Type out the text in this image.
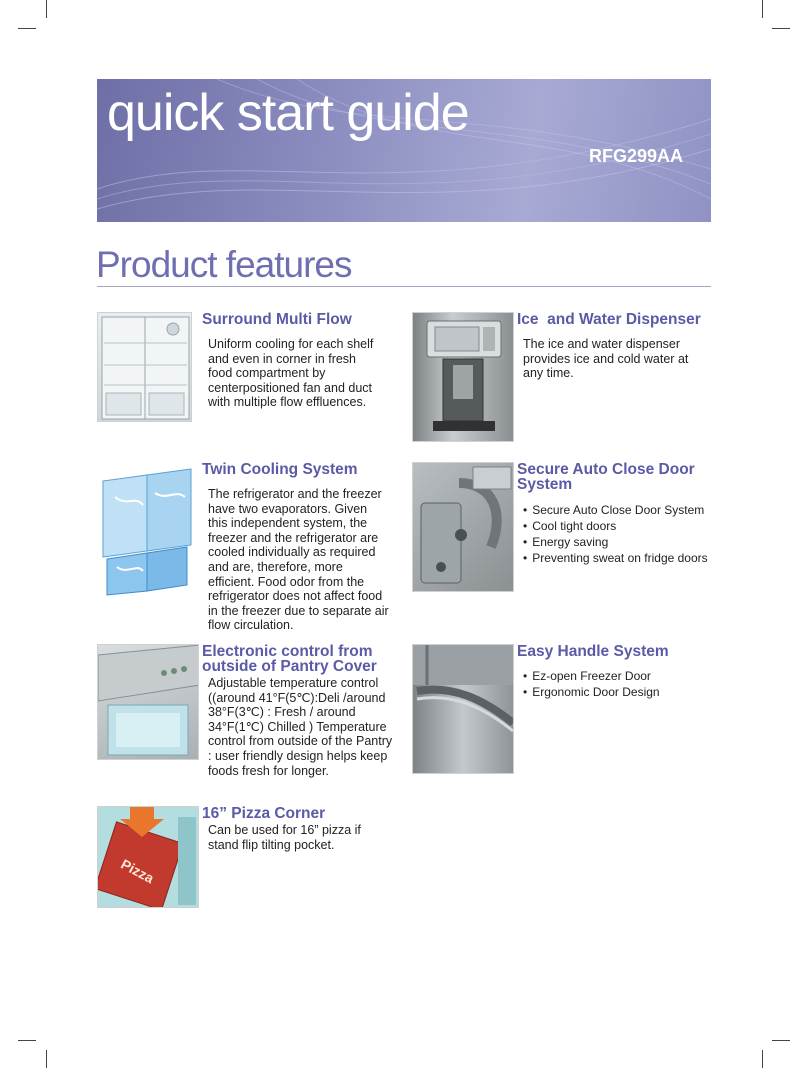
quick start guide
RFG299AA
Product features
Surround Multi Flow
Uniform cooling for each shelf and even in corner in fresh food compartment by centerpositioned fan and duct with multiple flow effluences.
Ice  and Water Dispenser
The ice and water dispenser provides ice and cold water at any time.
Twin Cooling System
The refrigerator and the freezer have two evaporators. Given this independent system, the freezer and the refrigerator are cooled individually as required and are, therefore, more efficient. Food odor from the refrigerator does not affect food in the freezer due to separate air flow circulation.
Secure Auto Close Door
System
• Secure Auto Close Door System
• Cool tight doors
• Energy saving
• Preventing sweat on fridge doors
Electronic control from
outside of Pantry Cover
Adjustable temperature control ((around 41°F(5℃):Deli /around 38°F(3℃) : Fresh / around 34°F(1℃) Chilled ) Temperature control from outside of the Pantry : user friendly design helps keep foods fresh for longer.
Easy Handle System
• Ez-open Freezer Door
• Ergonomic Door Design
Pizza
16” Pizza Corner
Can be used for 16” pizza if stand flip tilting pocket.
